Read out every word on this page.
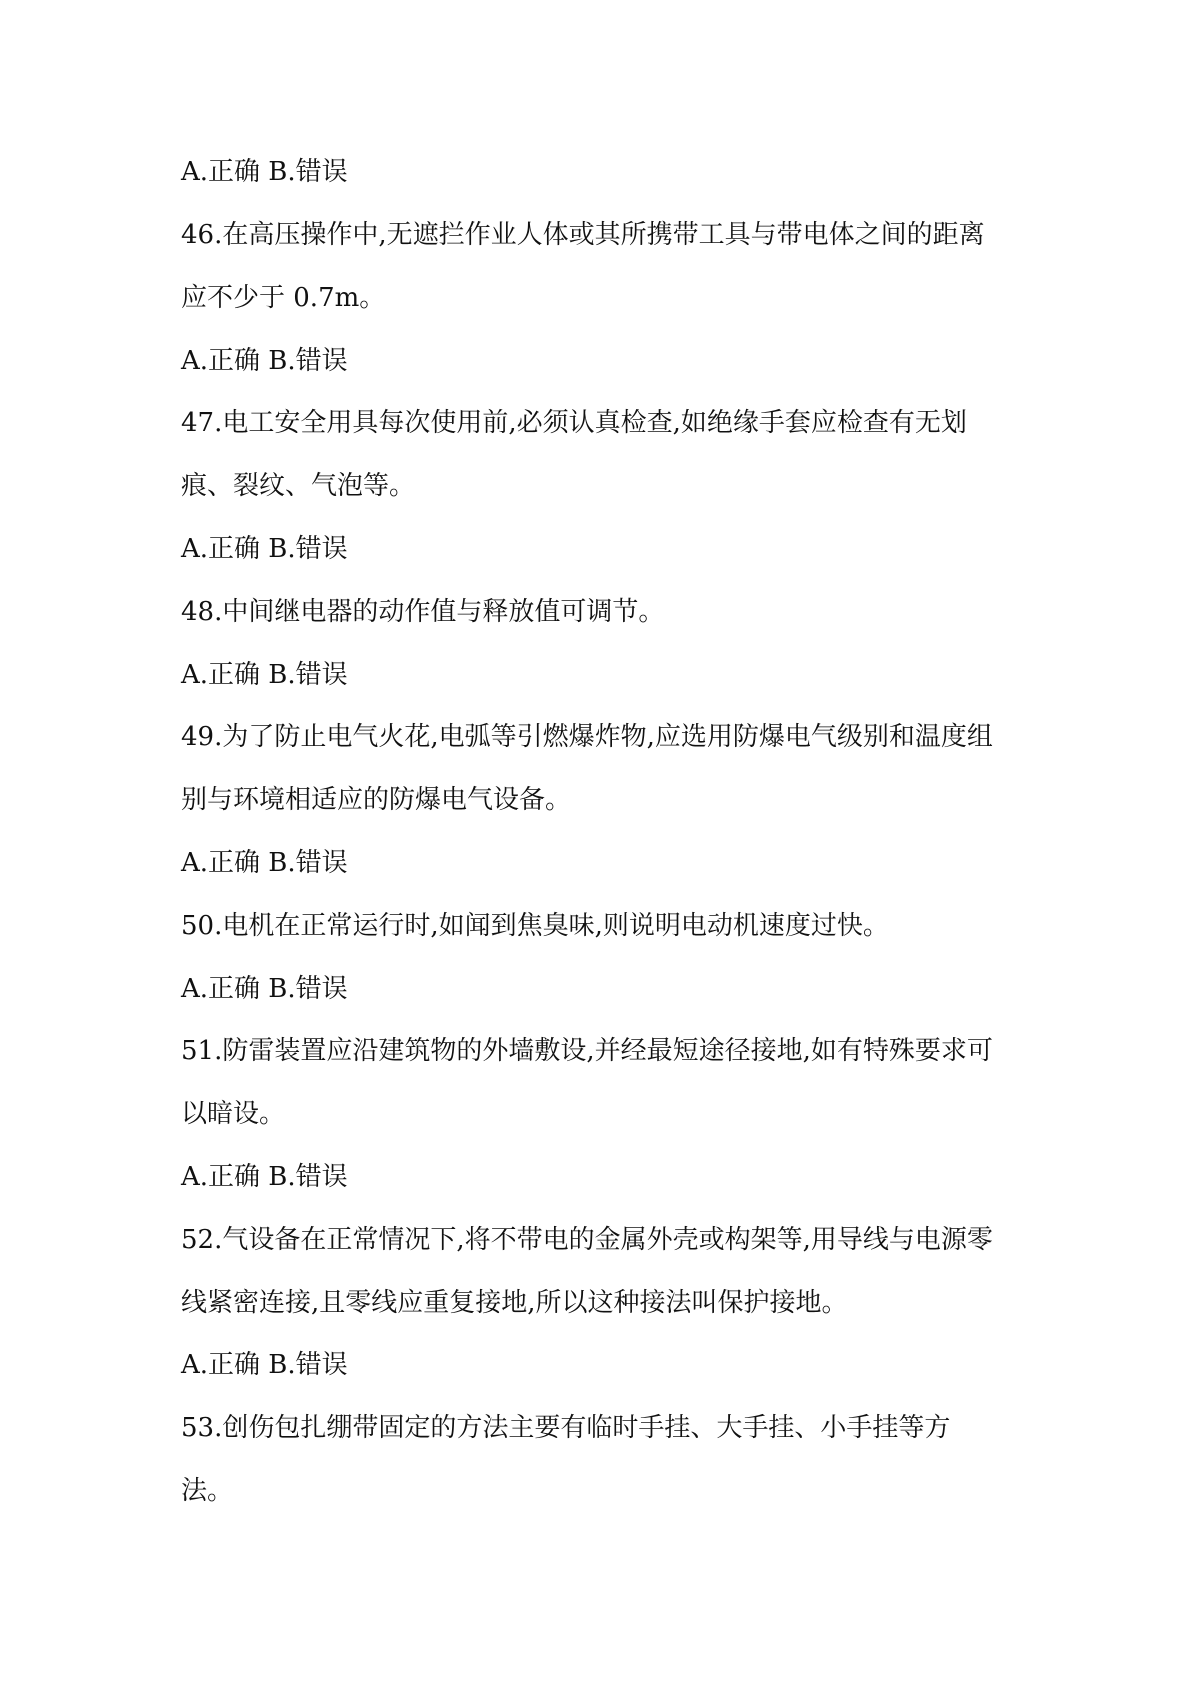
A.正确 B.错误
46.在高压操作中,无遮拦作业人体或其所携带工具与带电体之间的距离
应不少于 0.7m。
A.正确 B.错误
47.电工安全用具每次使用前,必须认真检查,如绝缘手套应检查有无划
痕、裂纹、气泡等。
A.正确 B.错误
48.中间继电器的动作值与释放值可调节。
A.正确 B.错误
49.为了防止电气火花,电弧等引燃爆炸物,应选用防爆电气级别和温度组
别与环境相适应的防爆电气设备。
A.正确 B.错误
50.电机在正常运行时,如闻到焦臭味,则说明电动机速度过快。
A.正确 B.错误
51.防雷装置应沿建筑物的外墙敷设,并经最短途径接地,如有特殊要求可
以暗设。
A.正确 B.错误
52.气设备在正常情况下,将不带电的金属外壳或构架等,用导线与电源零
线紧密连接,且零线应重复接地,所以这种接法叫保护接地。
A.正确 B.错误
53.创伤包扎绷带固定的方法主要有临时手挂、大手挂、小手挂等方
法。
